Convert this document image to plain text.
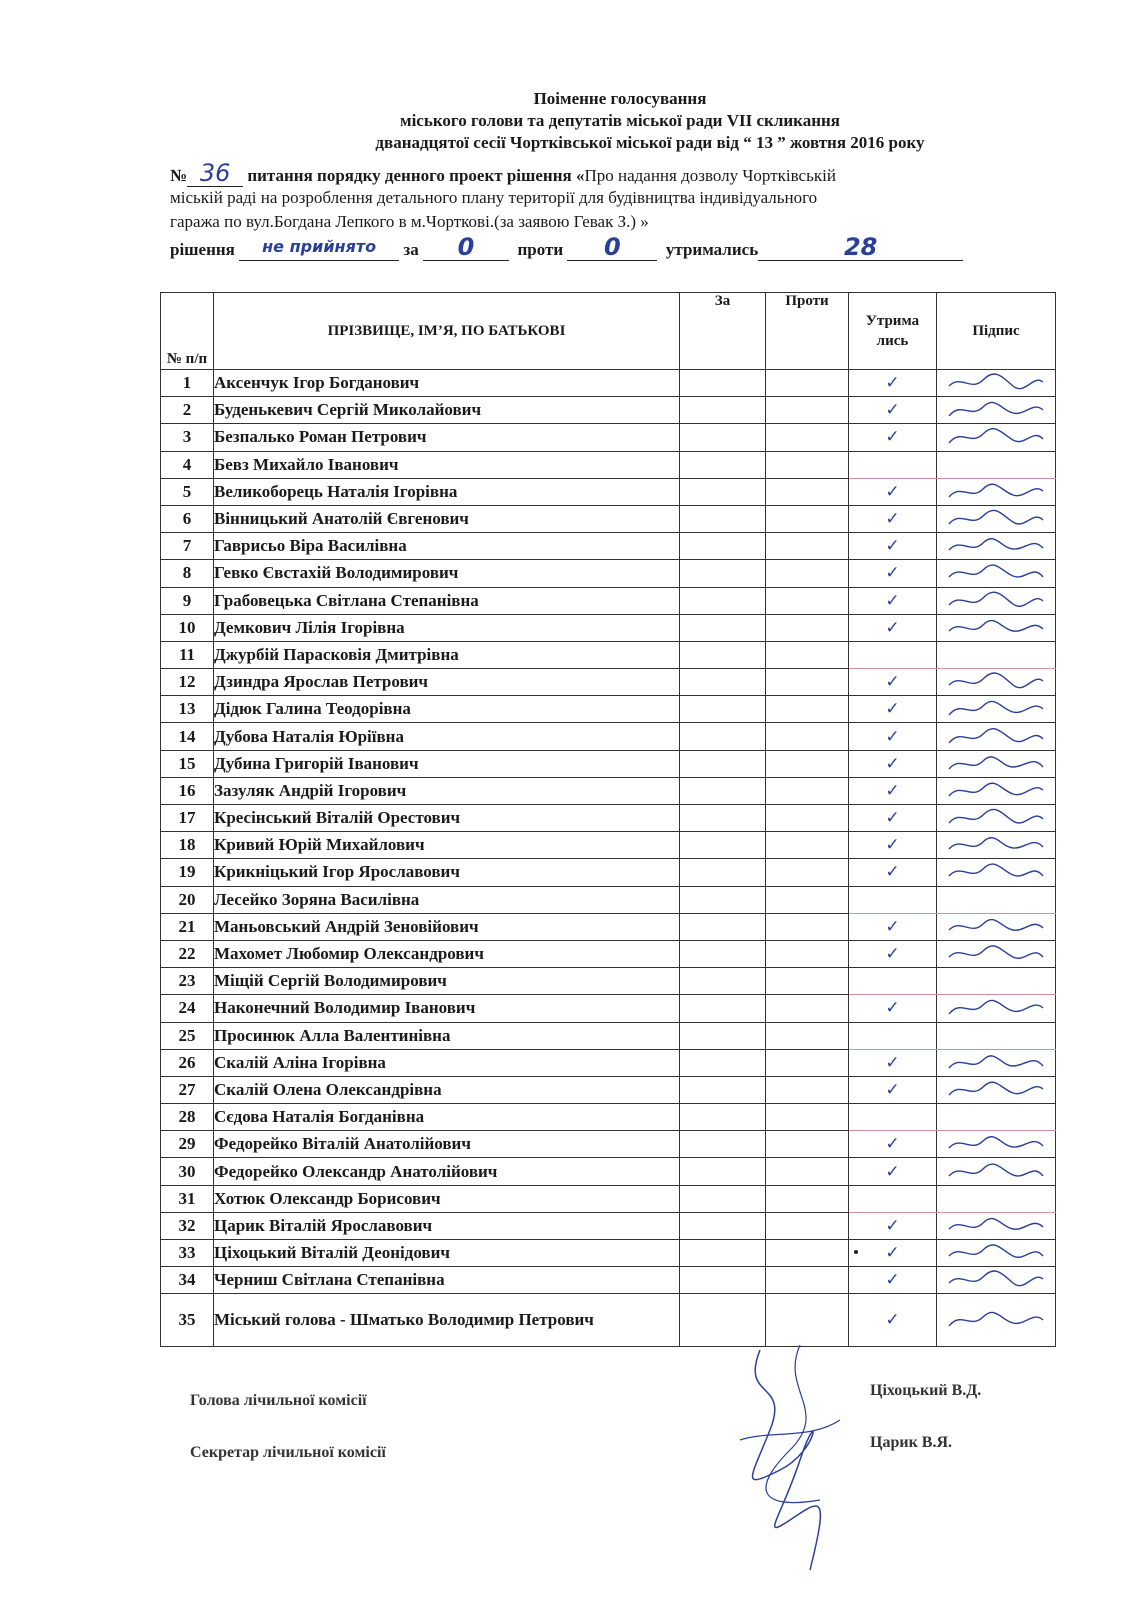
Поіменне голосування
міського голови та депутатів міської ради VII скликання
дванадцятої сесії Чортківської міської ради від “ 13 ” жовтня 2016 року
№ 36 питання порядку денного проект рішення «Про надання дозволу Чортківській
міській раді на розроблення детального плану території для будівництва індивідуального
гаража по вул.Богдана Лепкого в м.Чорткові.(за заявою Гевак З.) »
рішення не прийнято за 0	проти 0	утримались	28
№ п/п	ПРІЗВИЩЕ, ІМ’Я, ПО БАТЬКОВІ	За	Проти	Утрима лись	Підпис
1	Аксенчук Ігор Богданович			✓	

2	Буденькевич Сергій Миколайович			✓	

3	Безпалько Роман Петрович			✓	

4	Бевз Михайло Іванович				
5	Великоборець Наталія Ігорівна			✓	

6	Вінницький Анатолій Євгенович			✓	

7	Гаврисьо Віра Василівна			✓	

8	Гевко Євстахій Володимирович			✓	

9	Грабовецька Світлана Степанівна			✓	

10	Демкович Лілія Ігорівна			✓	

11	Джурбій Парасковія Дмитрівна				
12	Дзиндра Ярослав Петрович			✓	

13	Дідюк Галина Теодорівна			✓	

14	Дубова Наталія Юріївна			✓	

15	Дубина Григорій Іванович			✓	

16	Зазуляк Андрій Ігорович			✓	

17	Кресінський Віталій Орестович			✓	

18	Кривий Юрій Михайлович			✓	

19	Крикніцький Ігор Ярославович			✓	

20	Лесейко Зоряна Василівна				
21	Маньовський Андрій Зеновійович			✓	

22	Махомет Любомир Олександрович			✓	

23	Міщій Сергій Володимирович				
24	Наконечний Володимир Іванович			✓	

25	Просинюк Алла Валентинівна				
26	Скалій Аліна Ігорівна			✓	

27	Скалій Олена Олександрівна			✓	

28	Сєдова Наталія Богданівна				
29	Федорейко Віталій Анатолійович			✓	

30	Федорейко Олександр Анатолійович			✓	

31	Хотюк Олександр Борисович				
32	Царик Віталій Ярославович			✓	

33	Ціхоцький Віталій Деонідович			✓	

34	Черниш Світлана Степанівна			✓	

35	Міський голова - Шматько Володимир Петрович			✓	
Голова лічильної комісії
Ціхоцький В.Д.
Секретар лічильної комісії
Царик В.Я.
